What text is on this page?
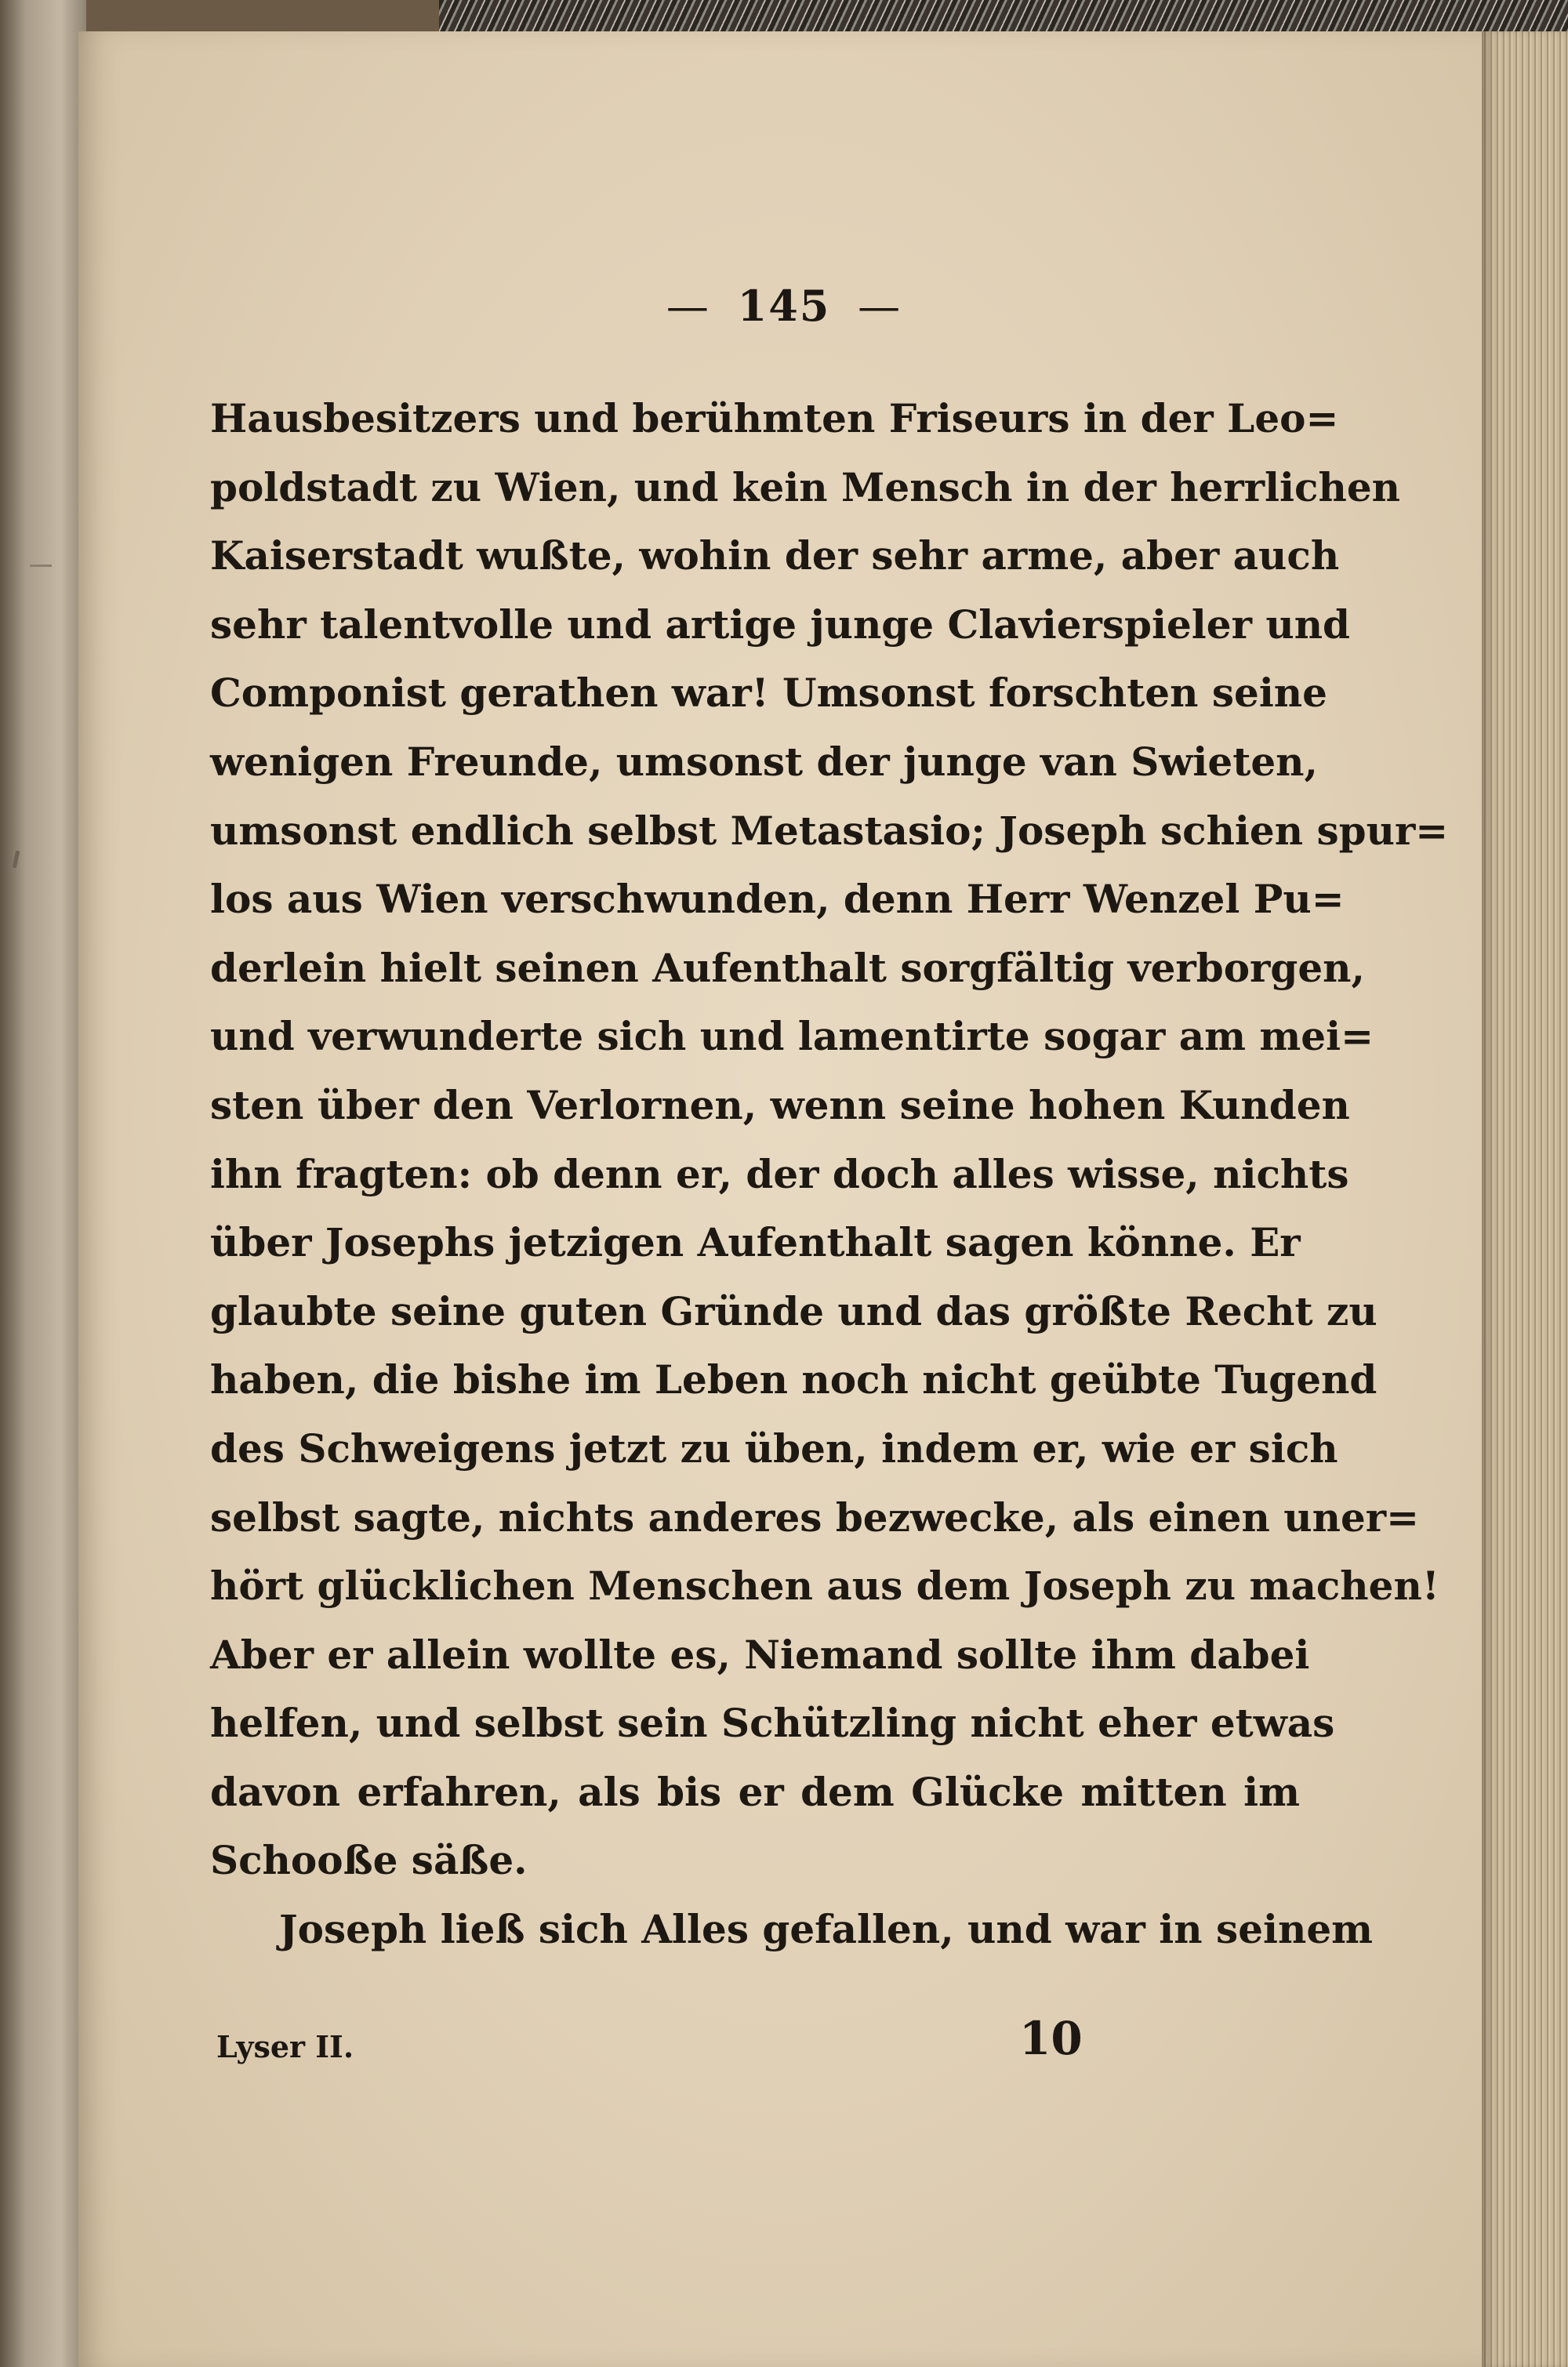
— 145 —
Hausbesitzers und berühmten Friseurs in der Leo=
poldstadt zu Wien, und kein Mensch in der herrlichen
Kaiserstadt wußte, wohin der sehr arme, aber auch
sehr talentvolle und artige junge Clavierspieler und
Componist gerathen war! Umsonst forschten seine
wenigen Freunde, umsonst der junge van Swieten,
umsonst endlich selbst Metastasio; Joseph schien spur=
los aus Wien verschwunden, denn Herr Wenzel Pu=
derlein hielt seinen Aufenthalt sorgfältig verborgen,
und verwunderte sich und lamentirte sogar am mei=
sten über den Verlornen, wenn seine hohen Kunden
ihn fragten: ob denn er, der doch alles wisse, nichts
über Josephs jetzigen Aufenthalt sagen könne. Er
glaubte seine guten Gründe und das größte Recht zu
haben, die bishe im Leben noch nicht geübte Tugend
des Schweigens jetzt zu üben, indem er, wie er sich
selbst sagte, nichts anderes bezwecke, als einen uner=
hört glücklichen Menschen aus dem Joseph zu machen!
Aber er allein wollte es, Niemand sollte ihm dabei
helfen, und selbst sein Schützling nicht eher etwas
davon erfahren, als bis er dem Glücke mitten im
Schooße säße.
Joseph ließ sich Alles gefallen, und war in seinem
Lyser II.	10
